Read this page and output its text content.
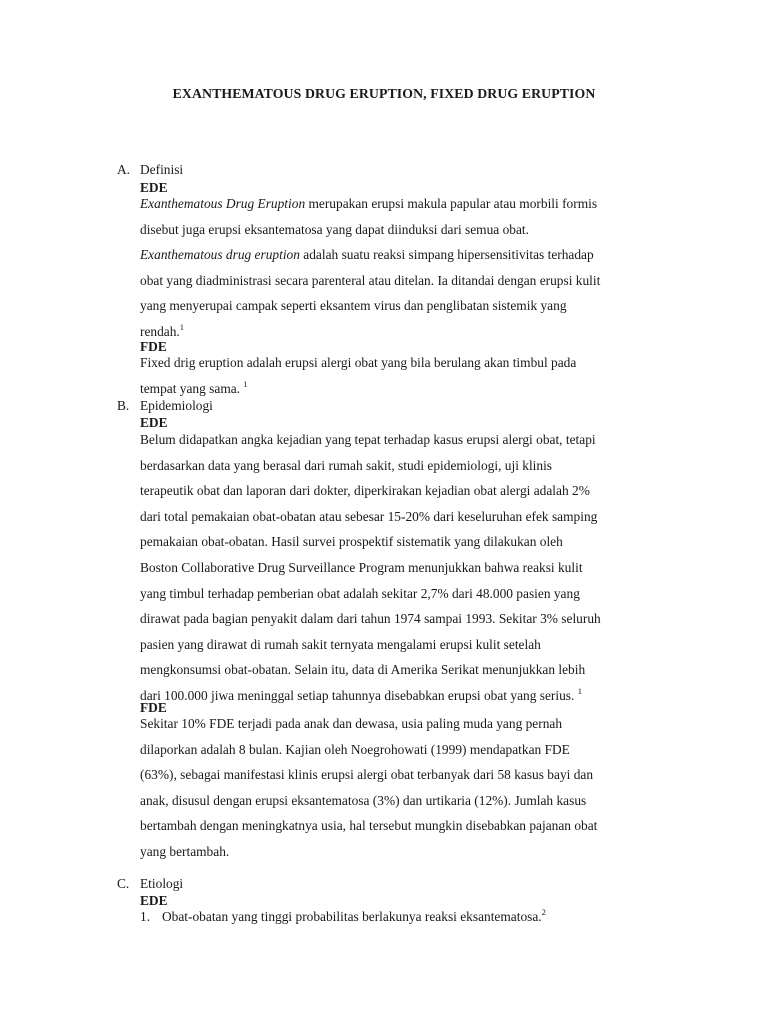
EXANTHEMATOUS DRUG ERUPTION, FIXED DRUG ERUPTION
A. Definisi
EDE
Exanthematous Drug Eruption merupakan erupsi makula papular atau morbili formis
disebut juga erupsi eksantematosa yang dapat diinduksi dari semua obat.
Exanthematous drug eruption adalah suatu reaksi simpang hipersensitivitas terhadap
obat yang diadministrasi secara parenteral atau ditelan. Ia ditandai dengan erupsi kulit
yang menyerupai campak seperti eksantem virus dan penglibatan sistemik yang
rendah.$^1$
FDE
Fixed drig eruption adalah erupsi alergi obat yang bila berulang akan timbul pada
tempat yang sama. $^1$
B. Epidemiologi
EDE
Belum didapatkan angka kejadian yang tepat terhadap kasus erupsi alergi obat, tetapi
berdasarkan data yang berasal dari rumah sakit, studi epidemiologi, uji klinis
terapeutik obat dan laporan dari dokter, diperkirakan kejadian obat alergi adalah 2%
dari total pemakaian obat-obatan atau sebesar 15-20% dari keseluruhan efek samping
pemakaian obat-obatan. Hasil survei prospektif sistematik yang dilakukan oleh
Boston Collaborative Drug Surveillance Program menunjukkan bahwa reaksi kulit
yang timbul terhadap pemberian obat adalah sekitar 2,7% dari 48.000 pasien yang
dirawat pada bagian penyakit dalam dari tahun 1974 sampai 1993. Sekitar 3% seluruh
pasien yang dirawat di rumah sakit ternyata mengalami erupsi kulit setelah
mengkonsumsi obat-obatan. Selain itu, data di Amerika Serikat menunjukkan lebih
dari 100.000 jiwa meninggal setiap tahunnya disebabkan erupsi obat yang serius. $^1$
FDE
Sekitar 10% FDE terjadi pada anak dan dewasa, usia paling muda yang pernah
dilaporkan adalah 8 bulan. Kajian oleh Noegrohowati (1999) mendapatkan FDE
(63%), sebagai manifestasi klinis erupsi alergi obat terbanyak dari 58 kasus bayi dan
anak, disusul dengan erupsi eksantematosa (3%) dan urtikaria (12%). Jumlah kasus
bertambah dengan meningkatnya usia, hal tersebut mungkin disebabkan pajanan obat
yang bertambah.
C. Etiologi
EDE
1. Obat-obatan yang tinggi probabilitas berlakunya reaksi eksantematosa.$^2$
